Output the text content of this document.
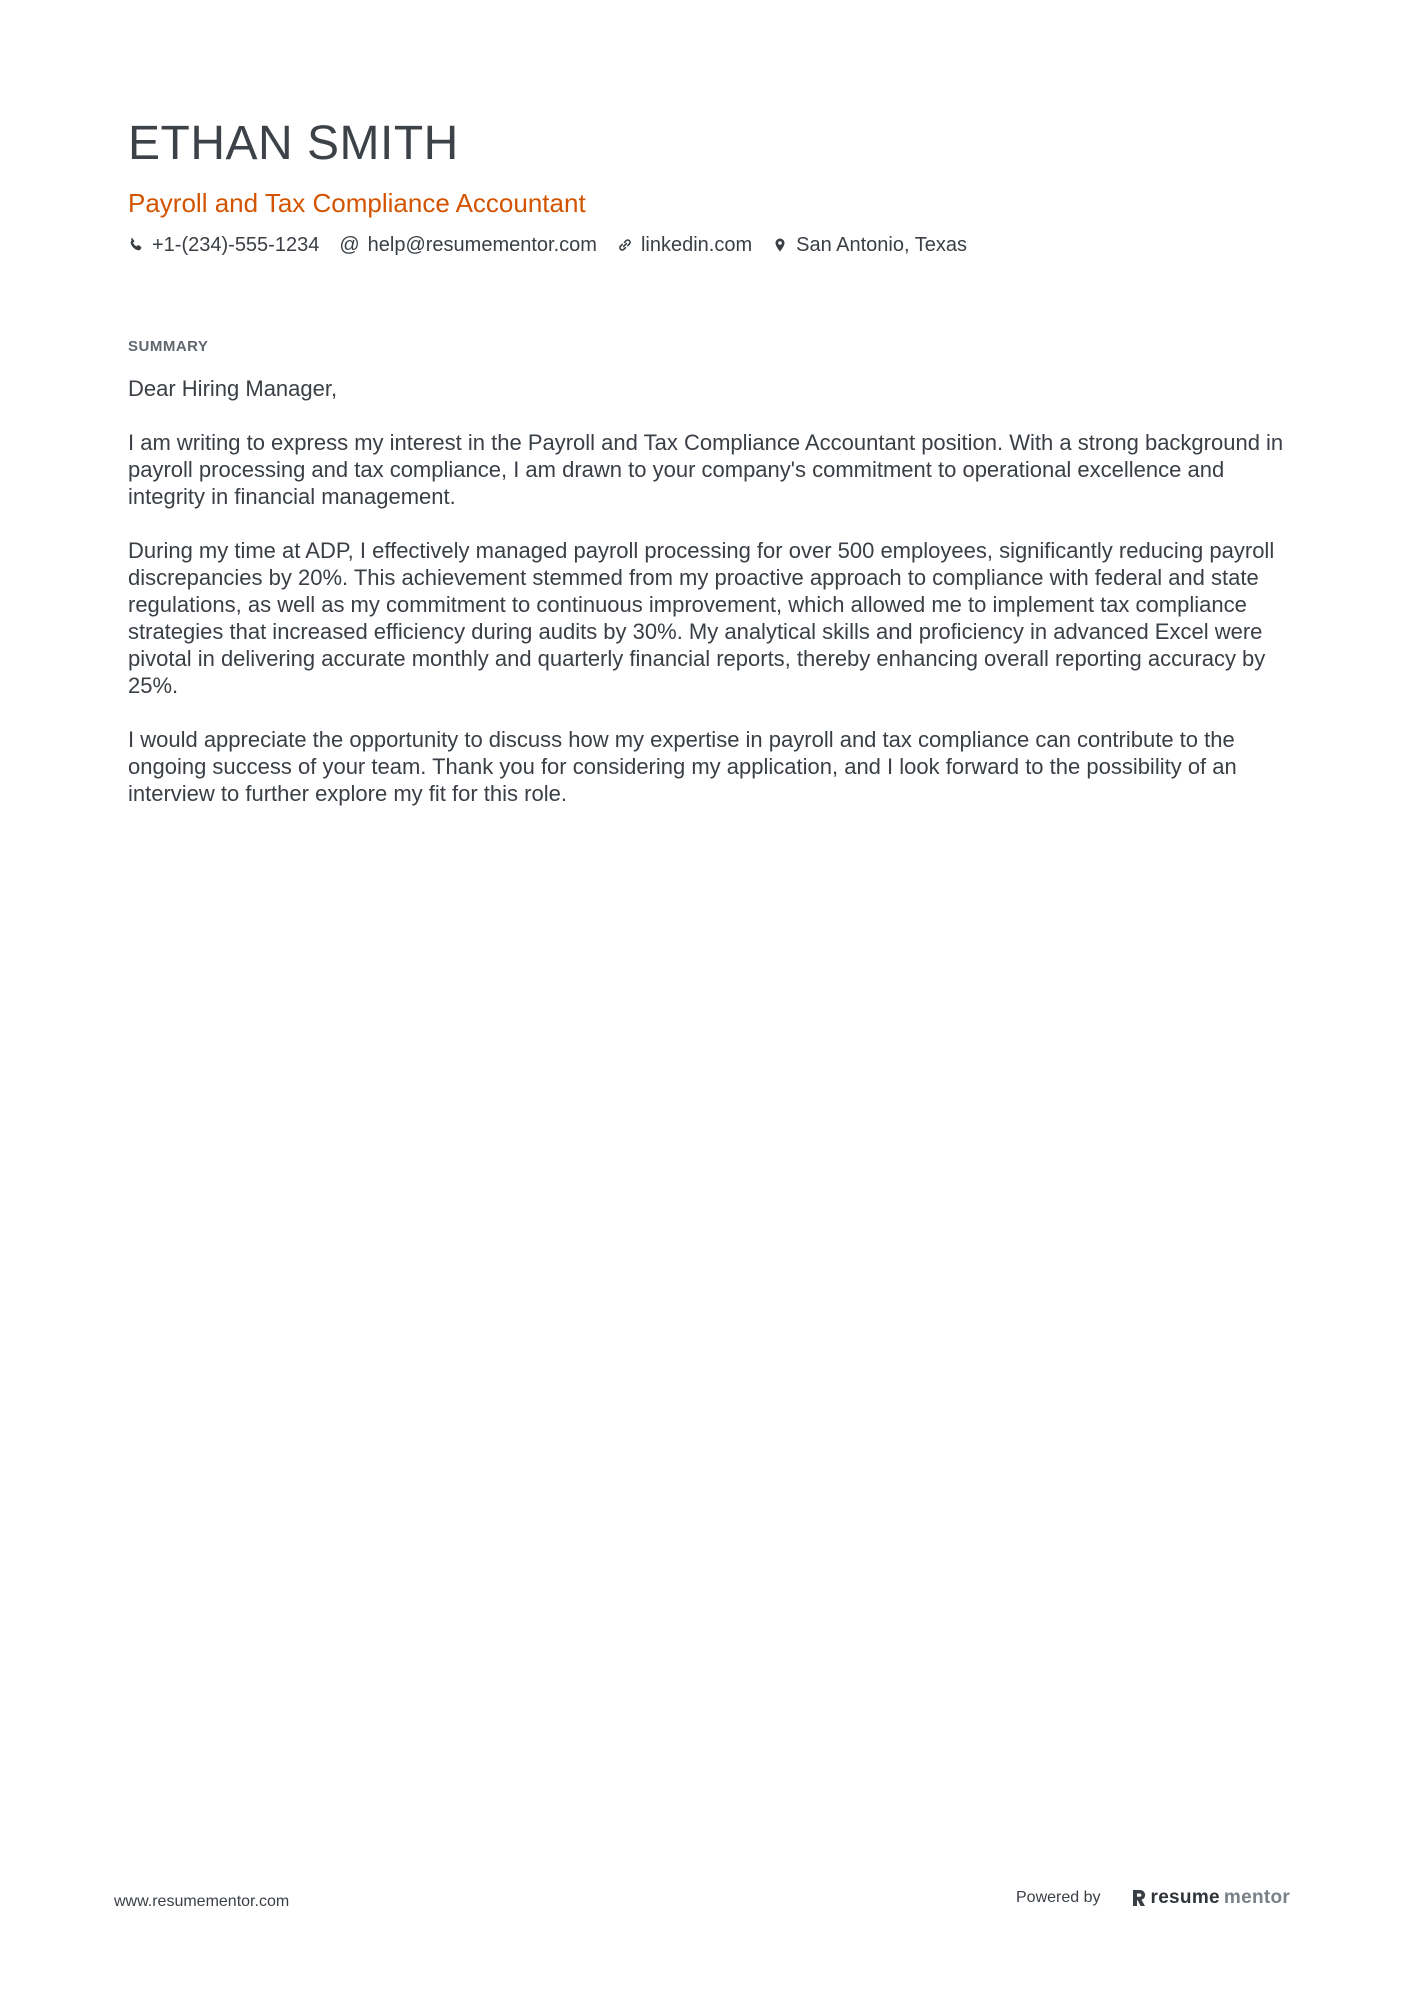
ETHAN SMITH
Payroll and Tax Compliance Accountant
+1-(234)-555-1234 @ help@resumementor.com linkedin.com San Antonio, Texas
SUMMARY

Dear Hiring Manager,

I am writing to express my interest in the Payroll and Tax Compliance Accountant position. With a strong background in payroll processing and tax compliance, I am drawn to your company's commitment to operational excellence and integrity in financial management.

During my time at ADP, I effectively managed payroll processing for over 500 employees, significantly reducing payroll discrepancies by 20%. This achievement stemmed from my proactive approach to compliance with federal and state regulations, as well as my commitment to continuous improvement, which allowed me to implement tax compliance strategies that increased efficiency during audits by 30%. My analytical skills and proficiency in advanced Excel were pivotal in delivering accurate monthly and quarterly financial reports, thereby enhancing overall reporting accuracy by 25%.

I would appreciate the opportunity to discuss how my expertise in payroll and tax compliance can contribute to the ongoing success of your team. Thank you for considering my application, and I look forward to the possibility of an interview to further explore my fit for this role.

www.resumementor.com	Powered by	resume mentor
